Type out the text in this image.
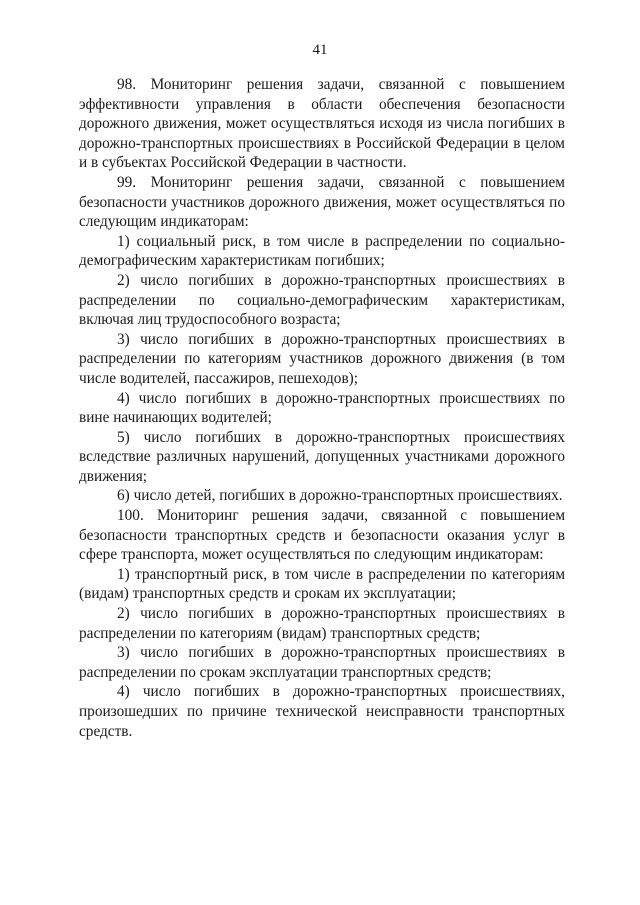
41

98. Мониторинг решения задачи, связанной с повышением эффективности управления в области обеспечения безопасности дорожного движения, может осуществляться исходя из числа погибших в дорожно-транспортных происшествиях в Российской Федерации в целом и в субъектах Российской Федерации в частности.

99. Мониторинг решения задачи, связанной с повышением безопасности участников дорожного движения, может осуществляться по следующим индикаторам:

1) социальный риск, в том числе в распределении по социально-демографическим характеристикам погибших;

2) число погибших в дорожно-транспортных происшествиях в распределении по социально-демографическим характеристикам, включая лиц трудоспособного возраста;

3) число погибших в дорожно-транспортных происшествиях в распределении по категориям участников дорожного движения (в том числе водителей, пассажиров, пешеходов);

4) число погибших в дорожно-транспортных происшествиях по вине начинающих водителей;

5) число погибших в дорожно-транспортных происшествиях вследствие различных нарушений, допущенных участниками дорожного движения;

6) число детей, погибших в дорожно-транспортных происшествиях.

100. Мониторинг решения задачи, связанной с повышением безопасности транспортных средств и безопасности оказания услуг в сфере транспорта, может осуществляться по следующим индикаторам:

1) транспортный риск, в том числе в распределении по категориям (видам) транспортных средств и срокам их эксплуатации;

2) число погибших в дорожно-транспортных происшествиях в распределении по категориям (видам) транспортных средств;

3) число погибших в дорожно-транспортных происшествиях в распределении по срокам эксплуатации транспортных средств;

4) число погибших в дорожно-транспортных происшествиях, произошедших по причине технической неисправности транспортных средств.
